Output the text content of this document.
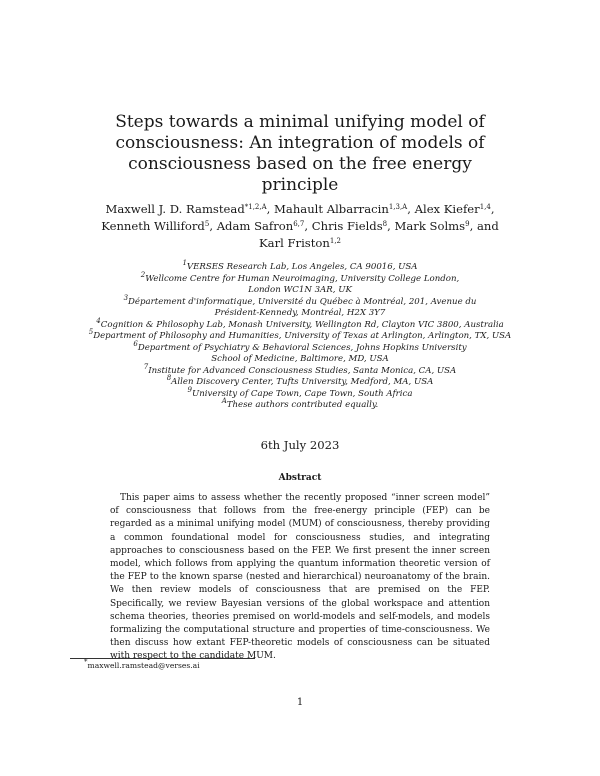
Steps towards a minimal unifying model of consciousness: An integration of models of consciousness based on the free energy principle
Maxwell J. D. Ramstead$^{*1,2,A}$, Mahault Albarracin$^{1,3,A}$, Alex Kiefer$^{1,4}$,
Kenneth Williford$^5$, Adam Safron$^{6,7}$, Chris Fields$^8$, Mark Solms$^9$, and
Karl Friston$^{1,2}$
$^1$VERSES Research Lab, Los Angeles, CA 90016, USA
$^2$Wellcome Centre for Human Neuroimaging, University College London,
London WC1N 3AR, UK
$^3$Département d'informatique, Université du Québec à Montréal, 201, Avenue du
Président-Kennedy, Montréal, H2X 3Y7
$^4$Cognition & Philosophy Lab, Monash University, Wellington Rd, Clayton VIC 3800, Australia
$^5$Department of Philosophy and Humanities, University of Texas at Arlington, Arlington, TX, USA
$^6$Department of Psychiatry & Behavioral Sciences, Johns Hopkins University
School of Medicine, Baltimore, MD, USA
$^7$Institute for Advanced Consciousness Studies, Santa Monica, CA, USA
$^8$Allen Discovery Center, Tufts University, Medford, MA, USA
$^9$University of Cape Town, Cape Town, South Africa
$^A$These authors contributed equally.
6th July 2023
Abstract
This paper aims to assess whether the recently proposed “inner screen model” of consciousness that follows from the free-energy principle (FEP) can be regarded as a minimal unifying model (MUM) of consciousness, thereby providing a common foundational model for consciousness studies, and integrating approaches to consciousness based on the FEP. We first present the inner screen model, which follows from applying the quantum information theoretic version of the FEP to the known sparse (nested and hierarchical) neuroanatomy of the brain. We then review models of consciousness that are premised on the FEP. Specifically, we review Bayesian versions of the global workspace and attention schema theories, theories premised on world-models and self-models, and models formalizing the computational structure and properties of time-consciousness. We then discuss how extant FEP-theoretic models of consciousness can be situated with respect to the candidate MUM.
*maxwell.ramstead@verses.ai
1
